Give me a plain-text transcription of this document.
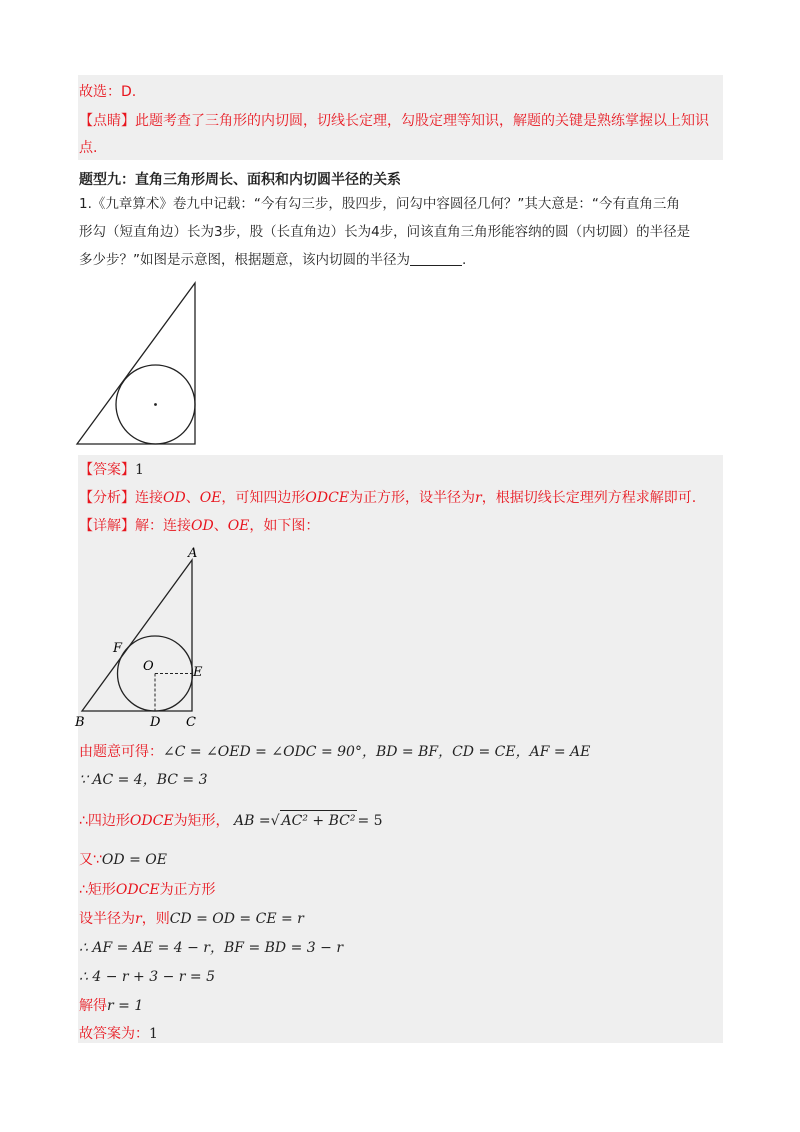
故选：D.
【点睛】此题考查了三角形的内切圆，切线长定理，勾股定理等知识，解题的关键是熟练掌握以上知识
点.
题型九：直角三角形周长、面积和内切圆半径的关系
1.《九章算术》卷九中记载：“今有勾三步，股四步，问勾中容圆径几何？”其大意是：“今有直角三角
形勾（短直角边）长为3步，股（长直角边）长为4步，问该直角三角形能容纳的圆（内切圆）的半径是
多少步？”如图是示意图，根据题意，该内切圆的半径为	.
【答案】1
【分析】连接OD、OE，可知四边形ODCE为正方形，设半径为r，根据切线长定理列方程求解即可.
【详解】解：连接OD、OE，如下图：
A
F
O	E
B	D C
由题意可得：∠C = ∠OED = ∠ODC = 90°，BD = BF，CD = CE，AF = AE
∵ AC = 4，BC = 3
∴四边形ODCE为矩形， AB =√ AC² + BC² = 5
又∵OD = OE
∴矩形ODCE为正方形
设半径为r，则CD = OD = CE = r
∴ AF = AE = 4 − r，BF = BD = 3 − r
∴ 4 − r + 3 − r = 5
解得r = 1
故答案为：1
